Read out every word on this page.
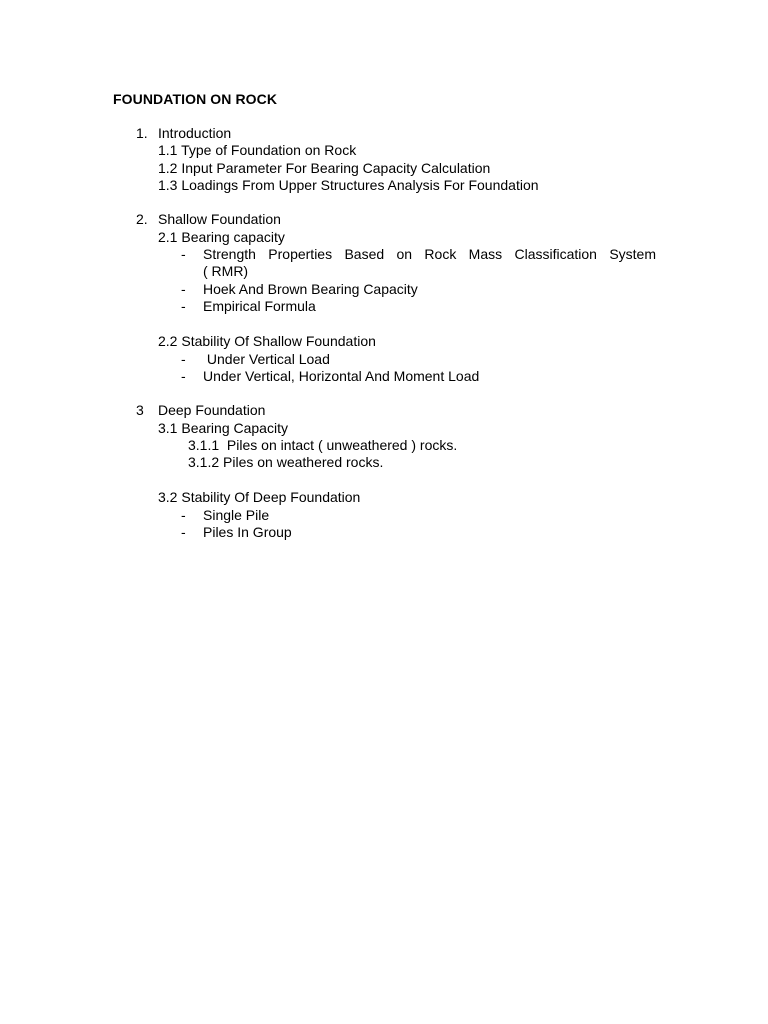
FOUNDATION ON ROCK
1. Introduction
1.1 Type of Foundation on Rock
1.2 Input Parameter For Bearing Capacity Calculation
1.3 Loadings From Upper Structures Analysis For Foundation
2. Shallow Foundation
2.1 Bearing capacity
- Strength Properties Based on Rock Mass Classification System
( RMR)
- Hoek And Brown Bearing Capacity
- Empirical Formula
2.2 Stability Of Shallow Foundation
- Under Vertical Load
- Under Vertical, Horizontal And Moment Load
3 Deep Foundation
3.1 Bearing Capacity
3.1.1  Piles on intact ( unweathered ) rocks.
3.1.2 Piles on weathered rocks.
3.2 Stability Of Deep Foundation
- Single Pile
- Piles In Group
